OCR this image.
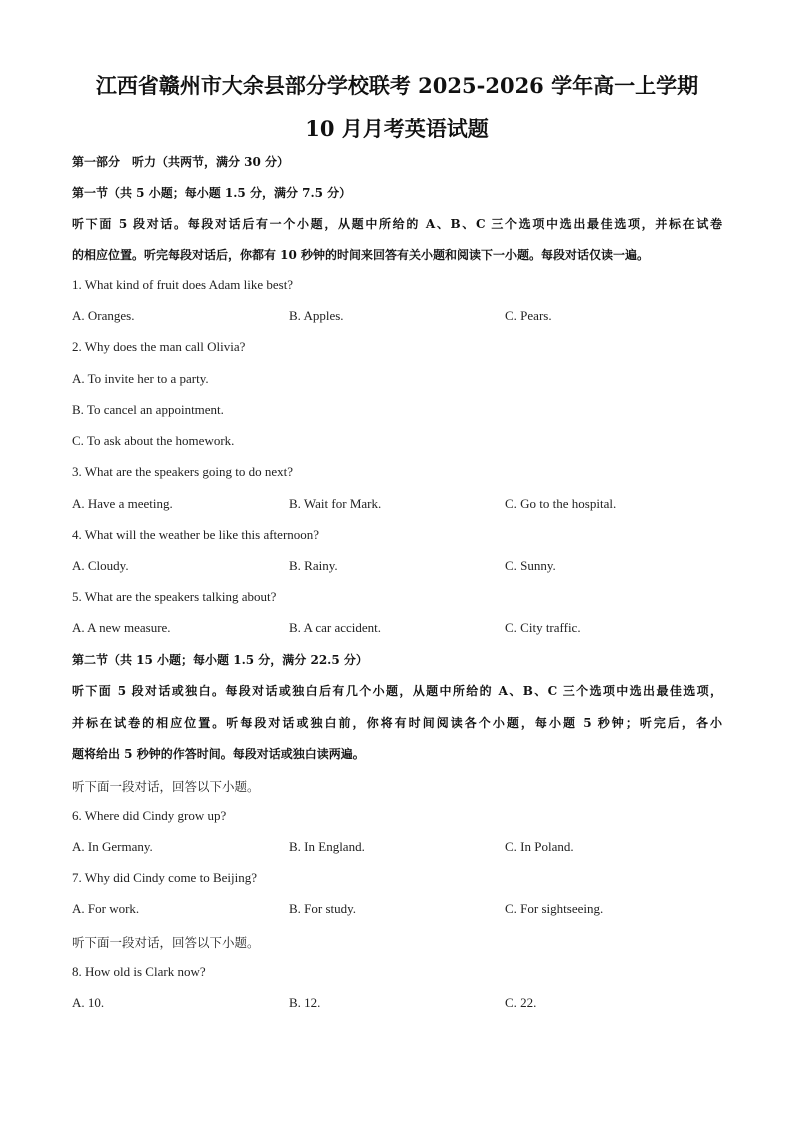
江西省赣州市大余县部分学校联考 2025-2026 学年高一上学期
10 月月考英语试题
第一部分　听力（共两节，满分 30 分）
第一节（共 5 小题；每小题 1.5 分，满分 7.5 分）
听下面 5 段对话。每段对话后有一个小题，从题中所给的 A、B、C 三个选项中选出最佳选项，并标在试卷
的相应位置。听完每段对话后，你都有 10 秒钟的时间来回答有关小题和阅读下一小题。每段对话仅读一遍。
1. What kind of fruit does Adam like best?
A. Oranges.	B. Apples.	C. Pears.
2. Why does the man call Olivia?
A. To invite her to a party.
B. To cancel an appointment.
C. To ask about the homework.
3. What are the speakers going to do next?
A. Have a meeting.	B. Wait for Mark.	C. Go to the hospital.
4. What will the weather be like this afternoon?
A. Cloudy.	B. Rainy.	C. Sunny.
5. What are the speakers talking about?
A. A new measure.	B. A car accident.	C. City traffic.
第二节（共 15 小题；每小题 1.5 分，满分 22.5 分）
听下面 5 段对话或独白。每段对话或独白后有几个小题，从题中所给的 A、B、C 三个选项中选出最佳选项，
并标在试卷的相应位置。听每段对话或独白前，你将有时间阅读各个小题，每小题 5 秒钟；听完后，各小
题将给出 5 秒钟的作答时间。每段对话或独白读两遍。
听下面一段对话，回答以下小题。
6. Where did Cindy grow up?
A. In Germany.	B. In England.	C. In Poland.
7. Why did Cindy come to Beijing?
A. For work.	B. For study.	C. For sightseeing.
听下面一段对话，回答以下小题。
8. How old is Clark now?
A. 10.	B. 12.	C. 22.
